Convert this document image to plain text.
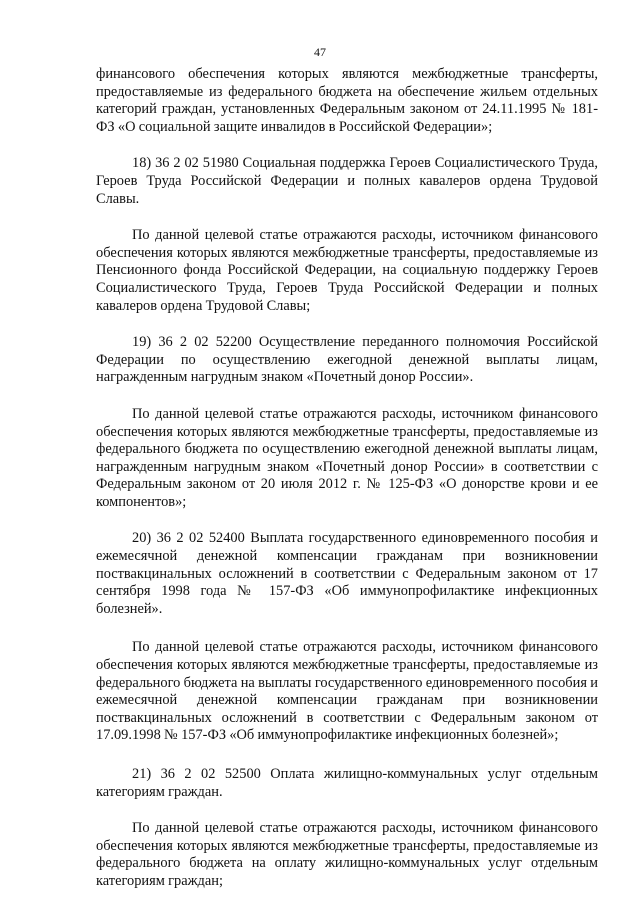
47

финансового обеспечения которых являются межбюджетные трансферты, предоставляемые из федерального бюджета на обеспечение жильем отдельных категорий граждан, установленных Федеральным законом от 24.11.1995 № 181-ФЗ «О социальной защите инвалидов в Российской Федерации»;

18) 36 2 02 51980 Социальная поддержка Героев Социалистического Труда, Героев Труда Российской Федерации и полных кавалеров ордена Трудовой Славы.

По данной целевой статье отражаются расходы, источником финансового обеспечения которых являются межбюджетные трансферты, предоставляемые из Пенсионного фонда Российской Федерации, на социальную поддержку Героев Социалистического Труда, Героев Труда Российской Федерации и полных кавалеров ордена Трудовой Славы;

19) 36 2 02 52200 Осуществление переданного полномочия Российской Федерации по осуществлению ежегодной денежной выплаты лицам, награжденным нагрудным знаком «Почетный донор России».

По данной целевой статье отражаются расходы, источником финансового обеспечения которых являются межбюджетные трансферты, предоставляемые из федерального бюджета по осуществлению ежегодной денежной выплаты лицам, награжденным нагрудным знаком «Почетный донор России» в соответствии с Федеральным законом от 20 июля 2012 г. № 125-ФЗ «О донорстве крови и ее компонентов»;

20) 36 2 02 52400 Выплата государственного единовременного пособия и ежемесячной денежной компенсации гражданам при возникновении поствакцинальных осложнений в соответствии с Федеральным законом от 17 сентября 1998 года № 157-ФЗ «Об иммунопрофилактике инфекционных болезней».

По данной целевой статье отражаются расходы, источником финансового обеспечения которых являются межбюджетные трансферты, предоставляемые из федерального бюджета на выплаты государственного единовременного пособия и ежемесячной денежной компенсации гражданам при возникновении поствакцинальных осложнений в соответствии с Федеральным законом от 17.09.1998 № 157-ФЗ «Об иммунопрофилактике инфекционных болезней»;

21) 36 2 02 52500 Оплата жилищно-коммунальных услуг отдельным категориям граждан.

По данной целевой статье отражаются расходы, источником финансового обеспечения которых являются межбюджетные трансферты, предоставляемые из федерального бюджета на оплату жилищно-коммунальных услуг отдельным категориям граждан;
